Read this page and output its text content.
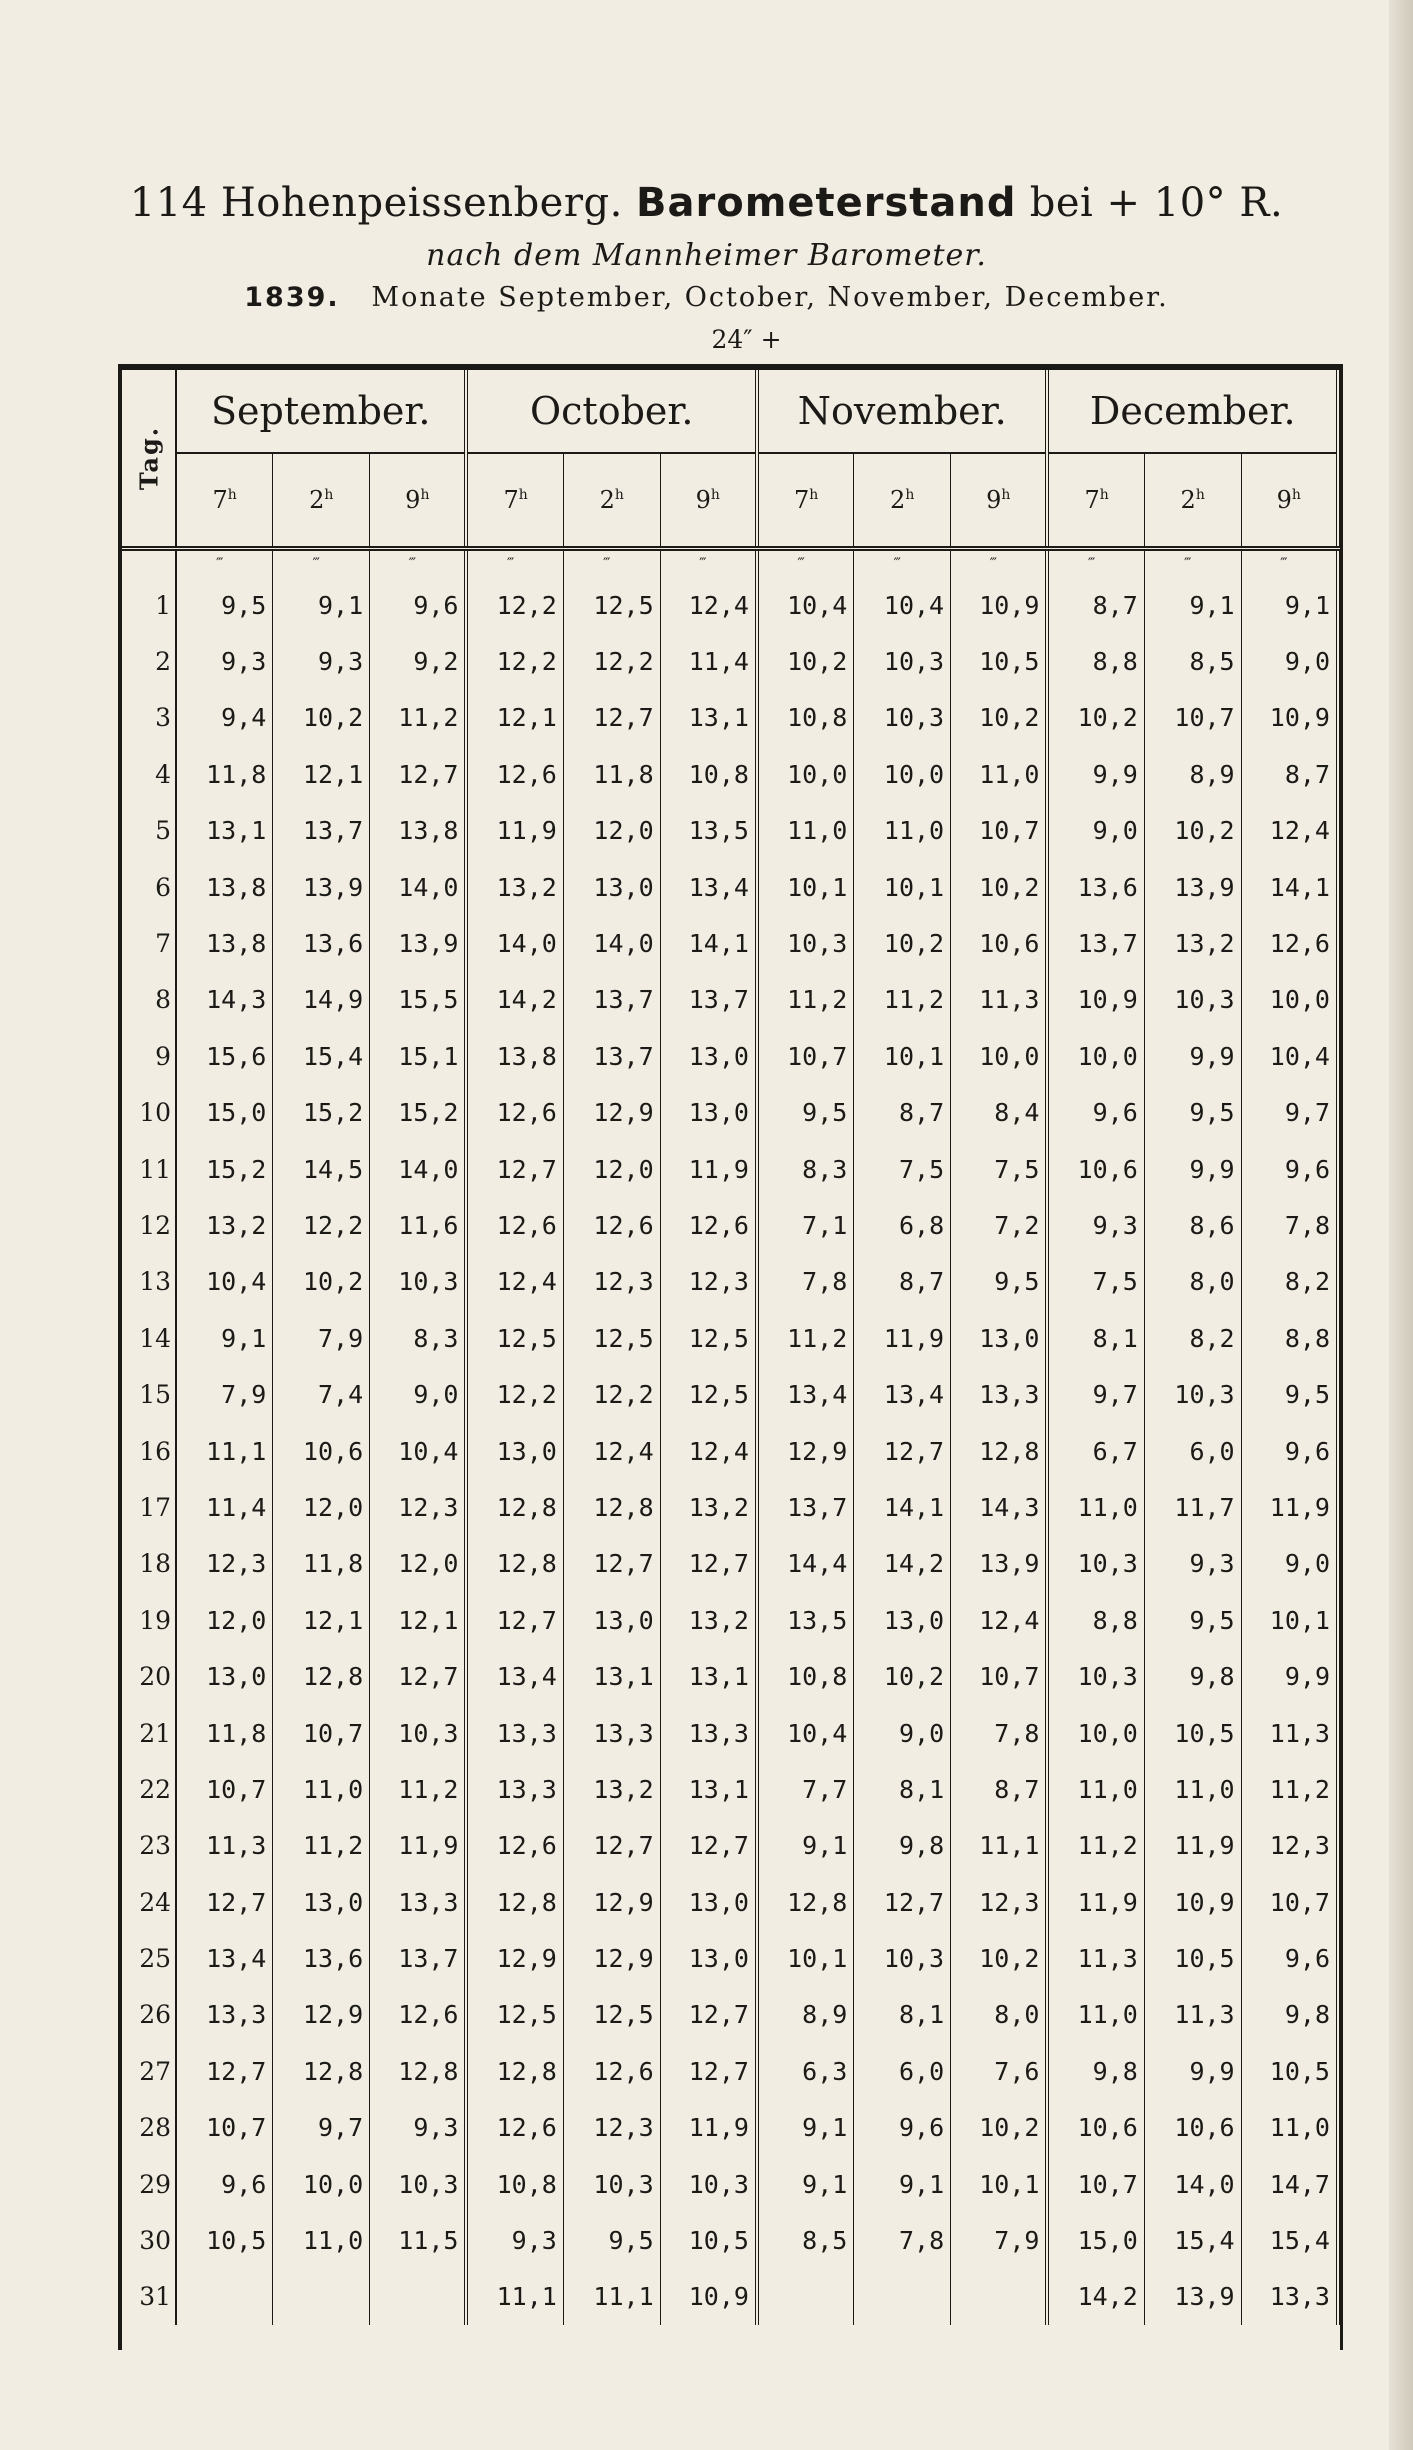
114 Hohenpeissenberg. Barometerstand bei + 10° R.
nach dem Mannheimer Barometer.
1839. Monate September, October, November, December.
24″ +
Tag.	September.			October.			November.			December.		
	7$^h$	2$^h$	9$^h$	7$^h$	2$^h$	9$^h$	7$^h$	2$^h$	9$^h$	7$^h$	2$^h$	9$^h$
	‴	‴	‴	‴	‴	‴	‴	‴	‴	‴	‴	‴
1	9,5	9,1	9,6	12,2	12,5	12,4	10,4	10,4	10,9	8,7	9,1	9,1
2	9,3	9,3	9,2	12,2	12,2	11,4	10,2	10,3	10,5	8,8	8,5	9,0
3	9,4	10,2	11,2	12,1	12,7	13,1	10,8	10,3	10,2	10,2	10,7	10,9
4	11,8	12,1	12,7	12,6	11,8	10,8	10,0	10,0	11,0	9,9	8,9	8,7
5	13,1	13,7	13,8	11,9	12,0	13,5	11,0	11,0	10,7	9,0	10,2	12,4
6	13,8	13,9	14,0	13,2	13,0	13,4	10,1	10,1	10,2	13,6	13,9	14,1
7	13,8	13,6	13,9	14,0	14,0	14,1	10,3	10,2	10,6	13,7	13,2	12,6
8	14,3	14,9	15,5	14,2	13,7	13,7	11,2	11,2	11,3	10,9	10,3	10,0
9	15,6	15,4	15,1	13,8	13,7	13,0	10,7	10,1	10,0	10,0	9,9	10,4
10	15,0	15,2	15,2	12,6	12,9	13,0	9,5	8,7	8,4	9,6	9,5	9,7
11	15,2	14,5	14,0	12,7	12,0	11,9	8,3	7,5	7,5	10,6	9,9	9,6
12	13,2	12,2	11,6	12,6	12,6	12,6	7,1	6,8	7,2	9,3	8,6	7,8
13	10,4	10,2	10,3	12,4	12,3	12,3	7,8	8,7	9,5	7,5	8,0	8,2
14	9,1	7,9	8,3	12,5	12,5	12,5	11,2	11,9	13,0	8,1	8,2	8,8
15	7,9	7,4	9,0	12,2	12,2	12,5	13,4	13,4	13,3	9,7	10,3	9,5
16	11,1	10,6	10,4	13,0	12,4	12,4	12,9	12,7	12,8	6,7	6,0	9,6
17	11,4	12,0	12,3	12,8	12,8	13,2	13,7	14,1	14,3	11,0	11,7	11,9
18	12,3	11,8	12,0	12,8	12,7	12,7	14,4	14,2	13,9	10,3	9,3	9,0
19	12,0	12,1	12,1	12,7	13,0	13,2	13,5	13,0	12,4	8,8	9,5	10,1
20	13,0	12,8	12,7	13,4	13,1	13,1	10,8	10,2	10,7	10,3	9,8	9,9
21	11,8	10,7	10,3	13,3	13,3	13,3	10,4	9,0	7,8	10,0	10,5	11,3
22	10,7	11,0	11,2	13,3	13,2	13,1	7,7	8,1	8,7	11,0	11,0	11,2
23	11,3	11,2	11,9	12,6	12,7	12,7	9,1	9,8	11,1	11,2	11,9	12,3
24	12,7	13,0	13,3	12,8	12,9	13,0	12,8	12,7	12,3	11,9	10,9	10,7
25	13,4	13,6	13,7	12,9	12,9	13,0	10,1	10,3	10,2	11,3	10,5	9,6
26	13,3	12,9	12,6	12,5	12,5	12,7	8,9	8,1	8,0	11,0	11,3	9,8
27	12,7	12,8	12,8	12,8	12,6	12,7	6,3	6,0	7,6	9,8	9,9	10,5
28	10,7	9,7	9,3	12,6	12,3	11,9	9,1	9,6	10,2	10,6	10,6	11,0
29	9,6	10,0	10,3	10,8	10,3	10,3	9,1	9,1	10,1	10,7	14,0	14,7
30	10,5	11,0	11,5	9,3	9,5	10,5	8,5	7,8	7,9	15,0	15,4	15,4
31				11,1	11,1	10,9				14,2	13,9	13,3
